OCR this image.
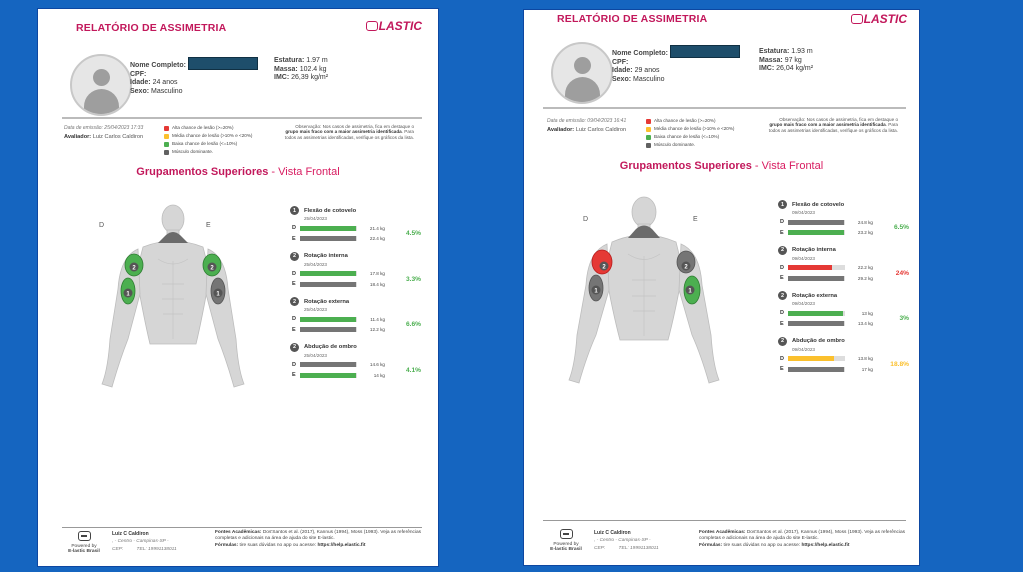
RELATÓRIO DE ASSIMETRIA	LASTIC
Nome Completo:
CPF:
Idade: 24 anos
Sexo: Masculino
Estatura: 1.97 m
Massa: 102.4 kg
IMC: 26,39 kg/m²
Data de emissão: 25/04/2023 17:33
Avaliador: Luiz Carlos Caldiron
Alta chance de lesão (>=20%)
Média chance de lesão (>10% e <20%)
Baixa chance de lesão (<=10%)
Músculo dominante.
Observação: Nos casos de assimetria, fica em destaque o grupo mais fraco com a maior assimetria identificada. Para todos as assimetrias identificadas, verifique os gráficos da lista.
Grupamentos Superiores - Vista Frontal
D	E
2
1
2
1
1	Flexão de cotovelo
25/04/2023
D	21.4 kg
E	22.4 kg
4.5%
2	Rotação interna
25/04/2023
D	17.8 kg
E	18.4 kg
3.3%
2	Rotação externa
25/04/2023
D	11.4 kg
E	12.2 kg
6.6%
2	Abdução de ombro
25/04/2023
D	14.6 kg
E	14 kg
4.1%
Powered by
E-lastic Brasil
Luiz C Caldiron
, - Centro - Campinas-SP -
CEP:	TEL: 19991138011
Fontes Acadêmicas: Dos'Santos et al. (2017), Kannus (1994), Moss (1993). Veja as referências completas e adicionais na área de ajuda do site E-lastic.
Fórmulas: tire suas dúvidas no app ou acesse: https://help.elastic.fit
RELATÓRIO DE ASSIMETRIA	LASTIC
Nome Completo:
CPF:
Idade: 29 anos
Sexo: Masculino
Estatura: 1.93 m
Massa: 97 kg
IMC: 26,04 kg/m²
Data de emissão: 09/04/2023 16:41
Avaliador: Luiz Carlos Caldiron
Alta chance de lesão (>=20%)
Média chance de lesão (>10% e <20%)
Baixa chance de lesão (<=10%)
Músculo dominante.
Observação: Nos casos de assimetria, fica em destaque o grupo mais fraco com a maior assimetria identificada. Para todos as assimetrias identificadas, verifique os gráficos da lista.
Grupamentos Superiores - Vista Frontal
D	E
2
1
2
1
1	Flexão de cotovelo
09/04/2023
D	24.8 kg
E	23.2 kg
6.5%
2	Rotação interna
09/04/2023
D	22.2 kg
E	29.2 kg
24%
2	Rotação externa
09/04/2023
D	13 kg
E	13.4 kg
3%
2	Abdução de ombro
09/04/2023
D	13.8 kg
E	17 kg
18.8%
Powered by
E-lastic Brasil
Luiz C Caldiron
, - Centro - Campinas-SP -
CEP:	TEL: 19991138011
Fontes Acadêmicas: Dos'Santos et al. (2017), Kannus (1994), Moss (1993). Veja as referências completas e adicionais na área de ajuda do site E-lastic.
Fórmulas: tire suas dúvidas no app ou acesse: https://help.elastic.fit
